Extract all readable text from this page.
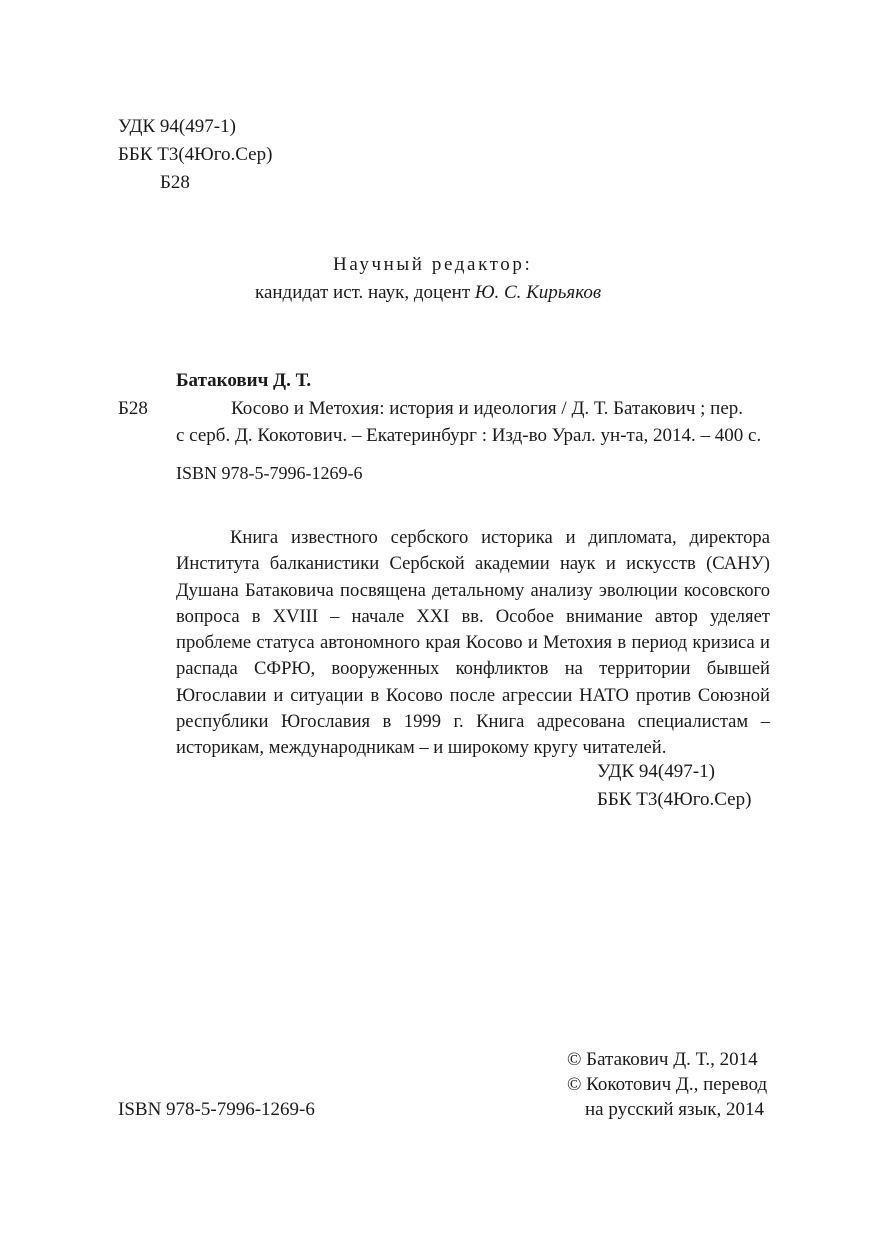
УДК 94(497-1)
ББК Т3(4Юго.Сер)
Б28
Научный редактор:
кандидат ист. наук, доцент Ю. С. Кирьяков
Батакович Д. Т.
Б28	Косово и Метохия: история и идеология / Д. Т. Батакович ; пер.
с серб. Д. Кокотович. – Екатеринбург : Изд-во Урал. ун-та, 2014. – 400 с.
ISBN 978-5-7996-1269-6
Книга известного сербского историка и дипломата, директора Института балканистики Сербской академии наук и искусств (САНУ) Душана Батаковича посвящена детальному анализу эволюции косовского вопроса в XVIII – начале XXI вв. Особое внимание автор уделяет проблеме статуса автономного края Косово и Метохия в период кризиса и распада СФРЮ, вооруженных конфликтов на территории бывшей Югославии и ситуации в Косово после агрессии НАТО против Союзной республики Югославия в 1999 г. Книга адресована специалистам – историкам, международникам – и широкому кругу читателей.
УДК 94(497-1)
ББК Т3(4Юго.Сер)
© Батакович Д. Т., 2014
© Кокотович Д., перевод
на русский язык, 2014
ISBN 978-5-7996-1269-6
